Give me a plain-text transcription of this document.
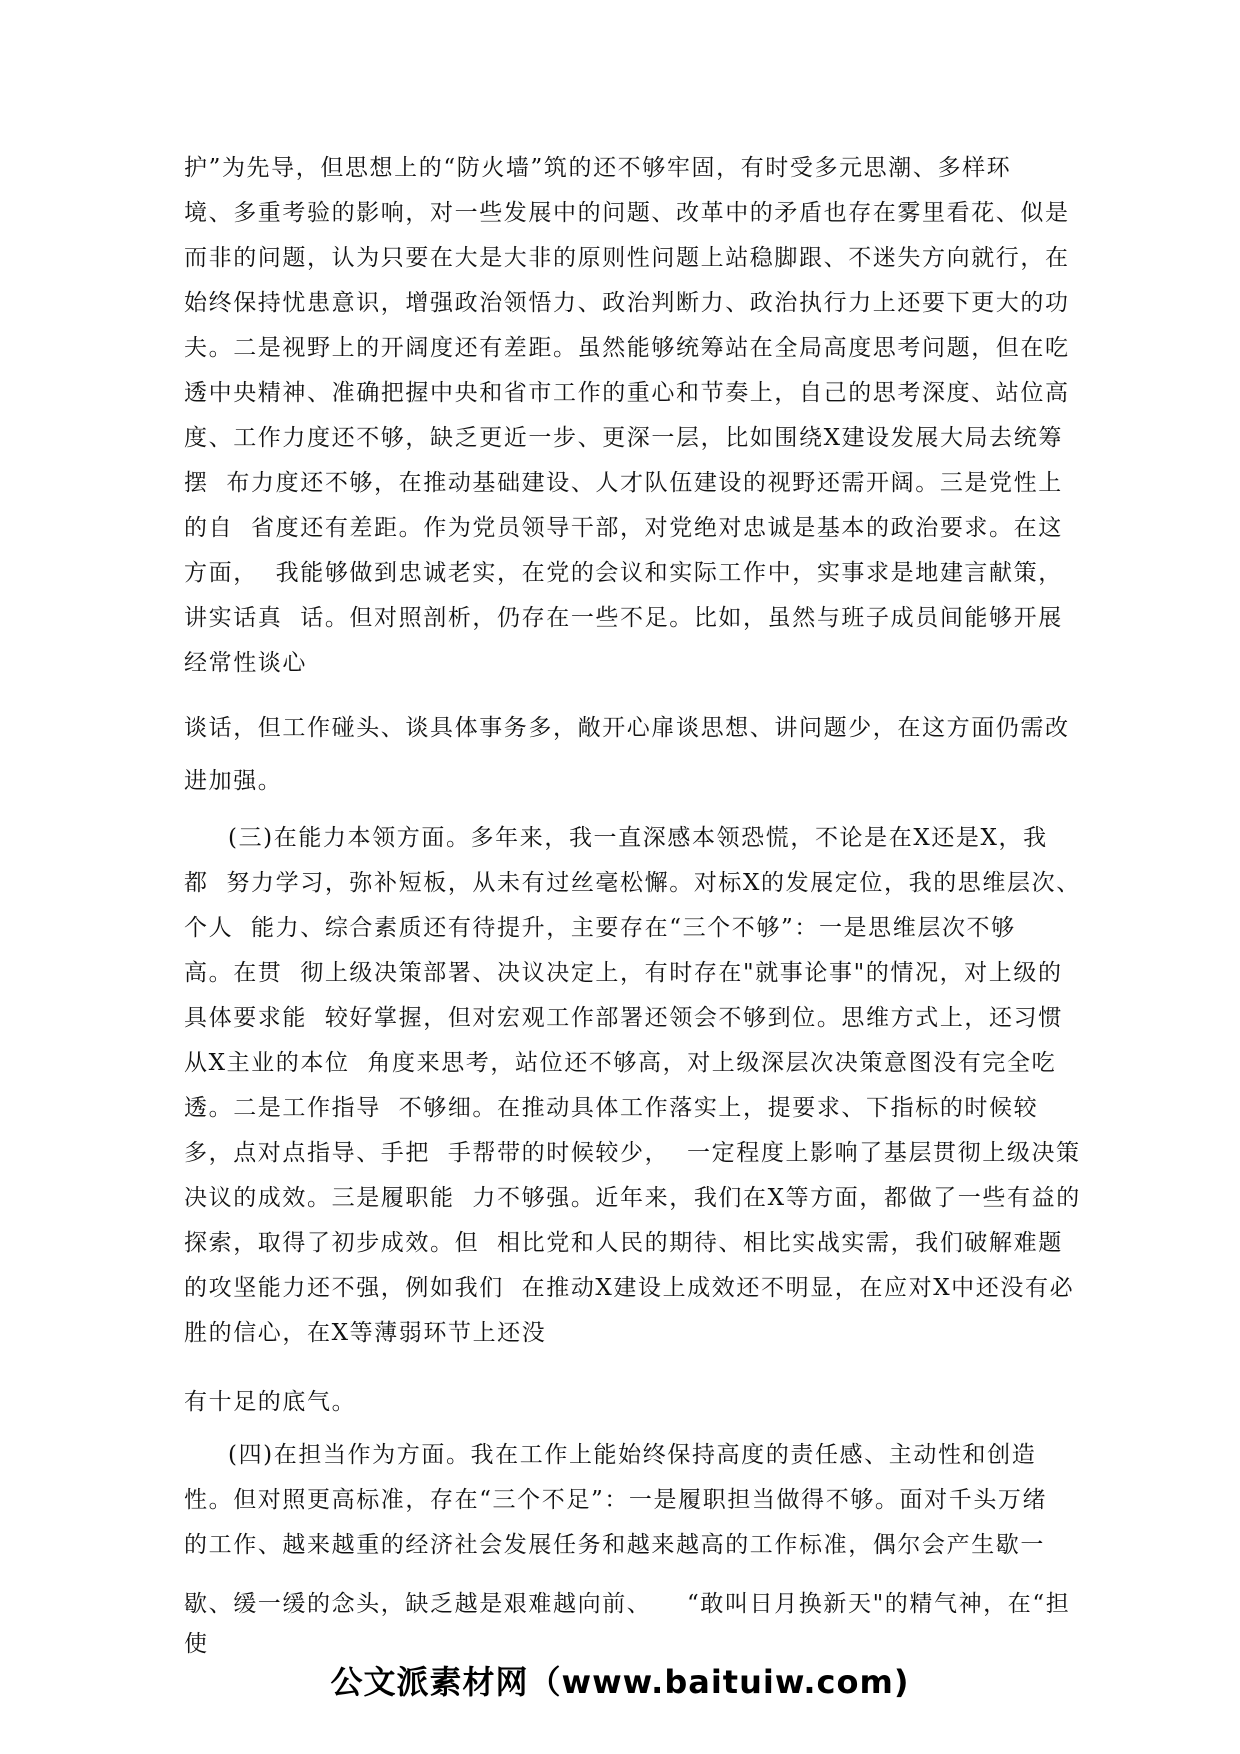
护”为先导，但思想上的“防火墙”筑的还不够牢固，有时受多元思潮、多样环
境、多重考验的影响，对一些发展中的问题、改革中的矛盾也存在雾里看花、似是
而非的问题，认为只要在大是大非的原则性问题上站稳脚跟、不迷失方向就行，在
始终保持忧患意识，增强政治领悟力、政治判断力、政治执行力上还要下更大的功
夫。二是视野上的开阔度还有差距。虽然能够统筹站在全局高度思考问题，但在吃
透中央精神、准确把握中央和省市工作的重心和节奏上，自己的思考深度、站位高
度、工作力度还不够，缺乏更近一步、更深一层，比如围绕X建设发展大局去统筹
摆  布力度还不够，在推动基础建设、人才队伍建设的视野还需开阔。三是党性上
的自  省度还有差距。作为党员领导干部，对党绝对忠诚是基本的政治要求。在这
方面，  我能够做到忠诚老实，在党的会议和实际工作中，实事求是地建言献策，
讲实话真  话。但对照剖析，仍存在一些不足。比如，虽然与班子成员间能够开展
经常性谈心
谈话，但工作碰头、谈具体事务多，敞开心扉谈思想、讲问题少，在这方面仍需改
进加强。
(三)在能力本领方面。多年来，我一直深感本领恐慌，不论是在X还是X，我
都  努力学习，弥补短板，从未有过丝毫松懈。对标X的发展定位，我的思维层次、
个人  能力、综合素质还有待提升，主要存在“三个不够”：一是思维层次不够
高。在贯  彻上级决策部署、决议决定上，有时存在"就事论事"的情况，对上级的
具体要求能  较好掌握，但对宏观工作部署还领会不够到位。思维方式上，还习惯
从X主业的本位  角度来思考，站位还不够高，对上级深层次决策意图没有完全吃
透。二是工作指导  不够细。在推动具体工作落实上，提要求、下指标的时候较
多，点对点指导、手把  手帮带的时候较少，  一定程度上影响了基层贯彻上级决策
决议的成效。三是履职能  力不够强。近年来，我们在X等方面，都做了一些有益的
探索，取得了初步成效。但  相比党和人民的期待、相比实战实需，我们破解难题
的攻坚能力还不强，例如我们  在推动X建设上成效还不明显，在应对X中还没有必
胜的信心，在X等薄弱环节上还没
有十足的底气。
(四)在担当作为方面。我在工作上能始终保持高度的责任感、主动性和创造
性。但对照更高标准，存在“三个不足”：一是履职担当做得不够。面对千头万绪
的工作、越来越重的经济社会发展任务和越来越高的工作标准，偶尔会产生歇一
歇、缓一缓的念头，缺乏越是艰难越向前、    “敢叫日月换新天"的精气神，在“担
使
公文派素材网（www.baituiw.com)
